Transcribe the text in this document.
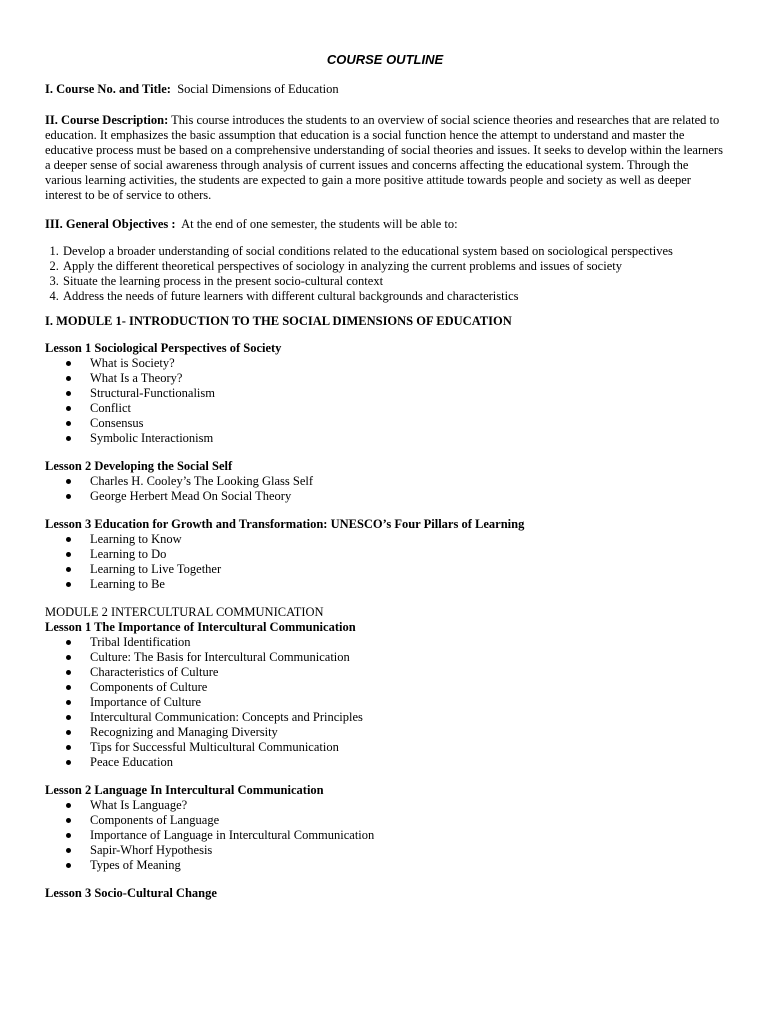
COURSE OUTLINE
I. Course No. and Title: Social Dimensions of Education
II. Course Description: This course introduces the students to an overview of social science theories and researches that are related to education. It emphasizes the basic assumption that education is a social function hence the attempt to understand and master the educative process must be based on a comprehensive understanding of social theories and issues. It seeks to develop within the learners a deeper sense of social awareness through analysis of current issues and concerns affecting the educational system. Through the various learning activities, the students are expected to gain a more positive attitude towards people and society as well as deeper interest to be of service to others.
III. General Objectives : At the end of one semester, the students will be able to:
1. Develop a broader understanding of social conditions related to the educational system based on sociological perspectives
2. Apply the different theoretical perspectives of sociology in analyzing the current problems and issues of society
3. Situate the learning process in the present socio-cultural context
4. Address the needs of future learners with different cultural backgrounds and characteristics
I. MODULE 1- INTRODUCTION TO THE SOCIAL DIMENSIONS OF EDUCATION
Lesson 1 Sociological Perspectives of Society
What is Society?
What Is a Theory?
Structural-Functionalism
Conflict
Consensus
Symbolic Interactionism
Lesson 2 Developing the Social Self
Charles H. Cooley’s The Looking Glass Self
George Herbert Mead On Social Theory
Lesson 3 Education for Growth and Transformation: UNESCO’s Four Pillars of Learning
Learning to Know
Learning to Do
Learning to Live Together
Learning to Be
MODULE 2 INTERCULTURAL COMMUNICATION
Lesson 1 The Importance of Intercultural Communication
Tribal Identification
Culture: The Basis for Intercultural Communication
Characteristics of Culture
Components of Culture
Importance of Culture
Intercultural Communication: Concepts and Principles
Recognizing and Managing Diversity
Tips for Successful Multicultural Communication
Peace Education
Lesson 2 Language In Intercultural Communication
What Is Language?
Components of Language
Importance of Language in Intercultural Communication
Sapir-Whorf Hypothesis
Types of Meaning
Lesson 3 Socio-Cultural Change
